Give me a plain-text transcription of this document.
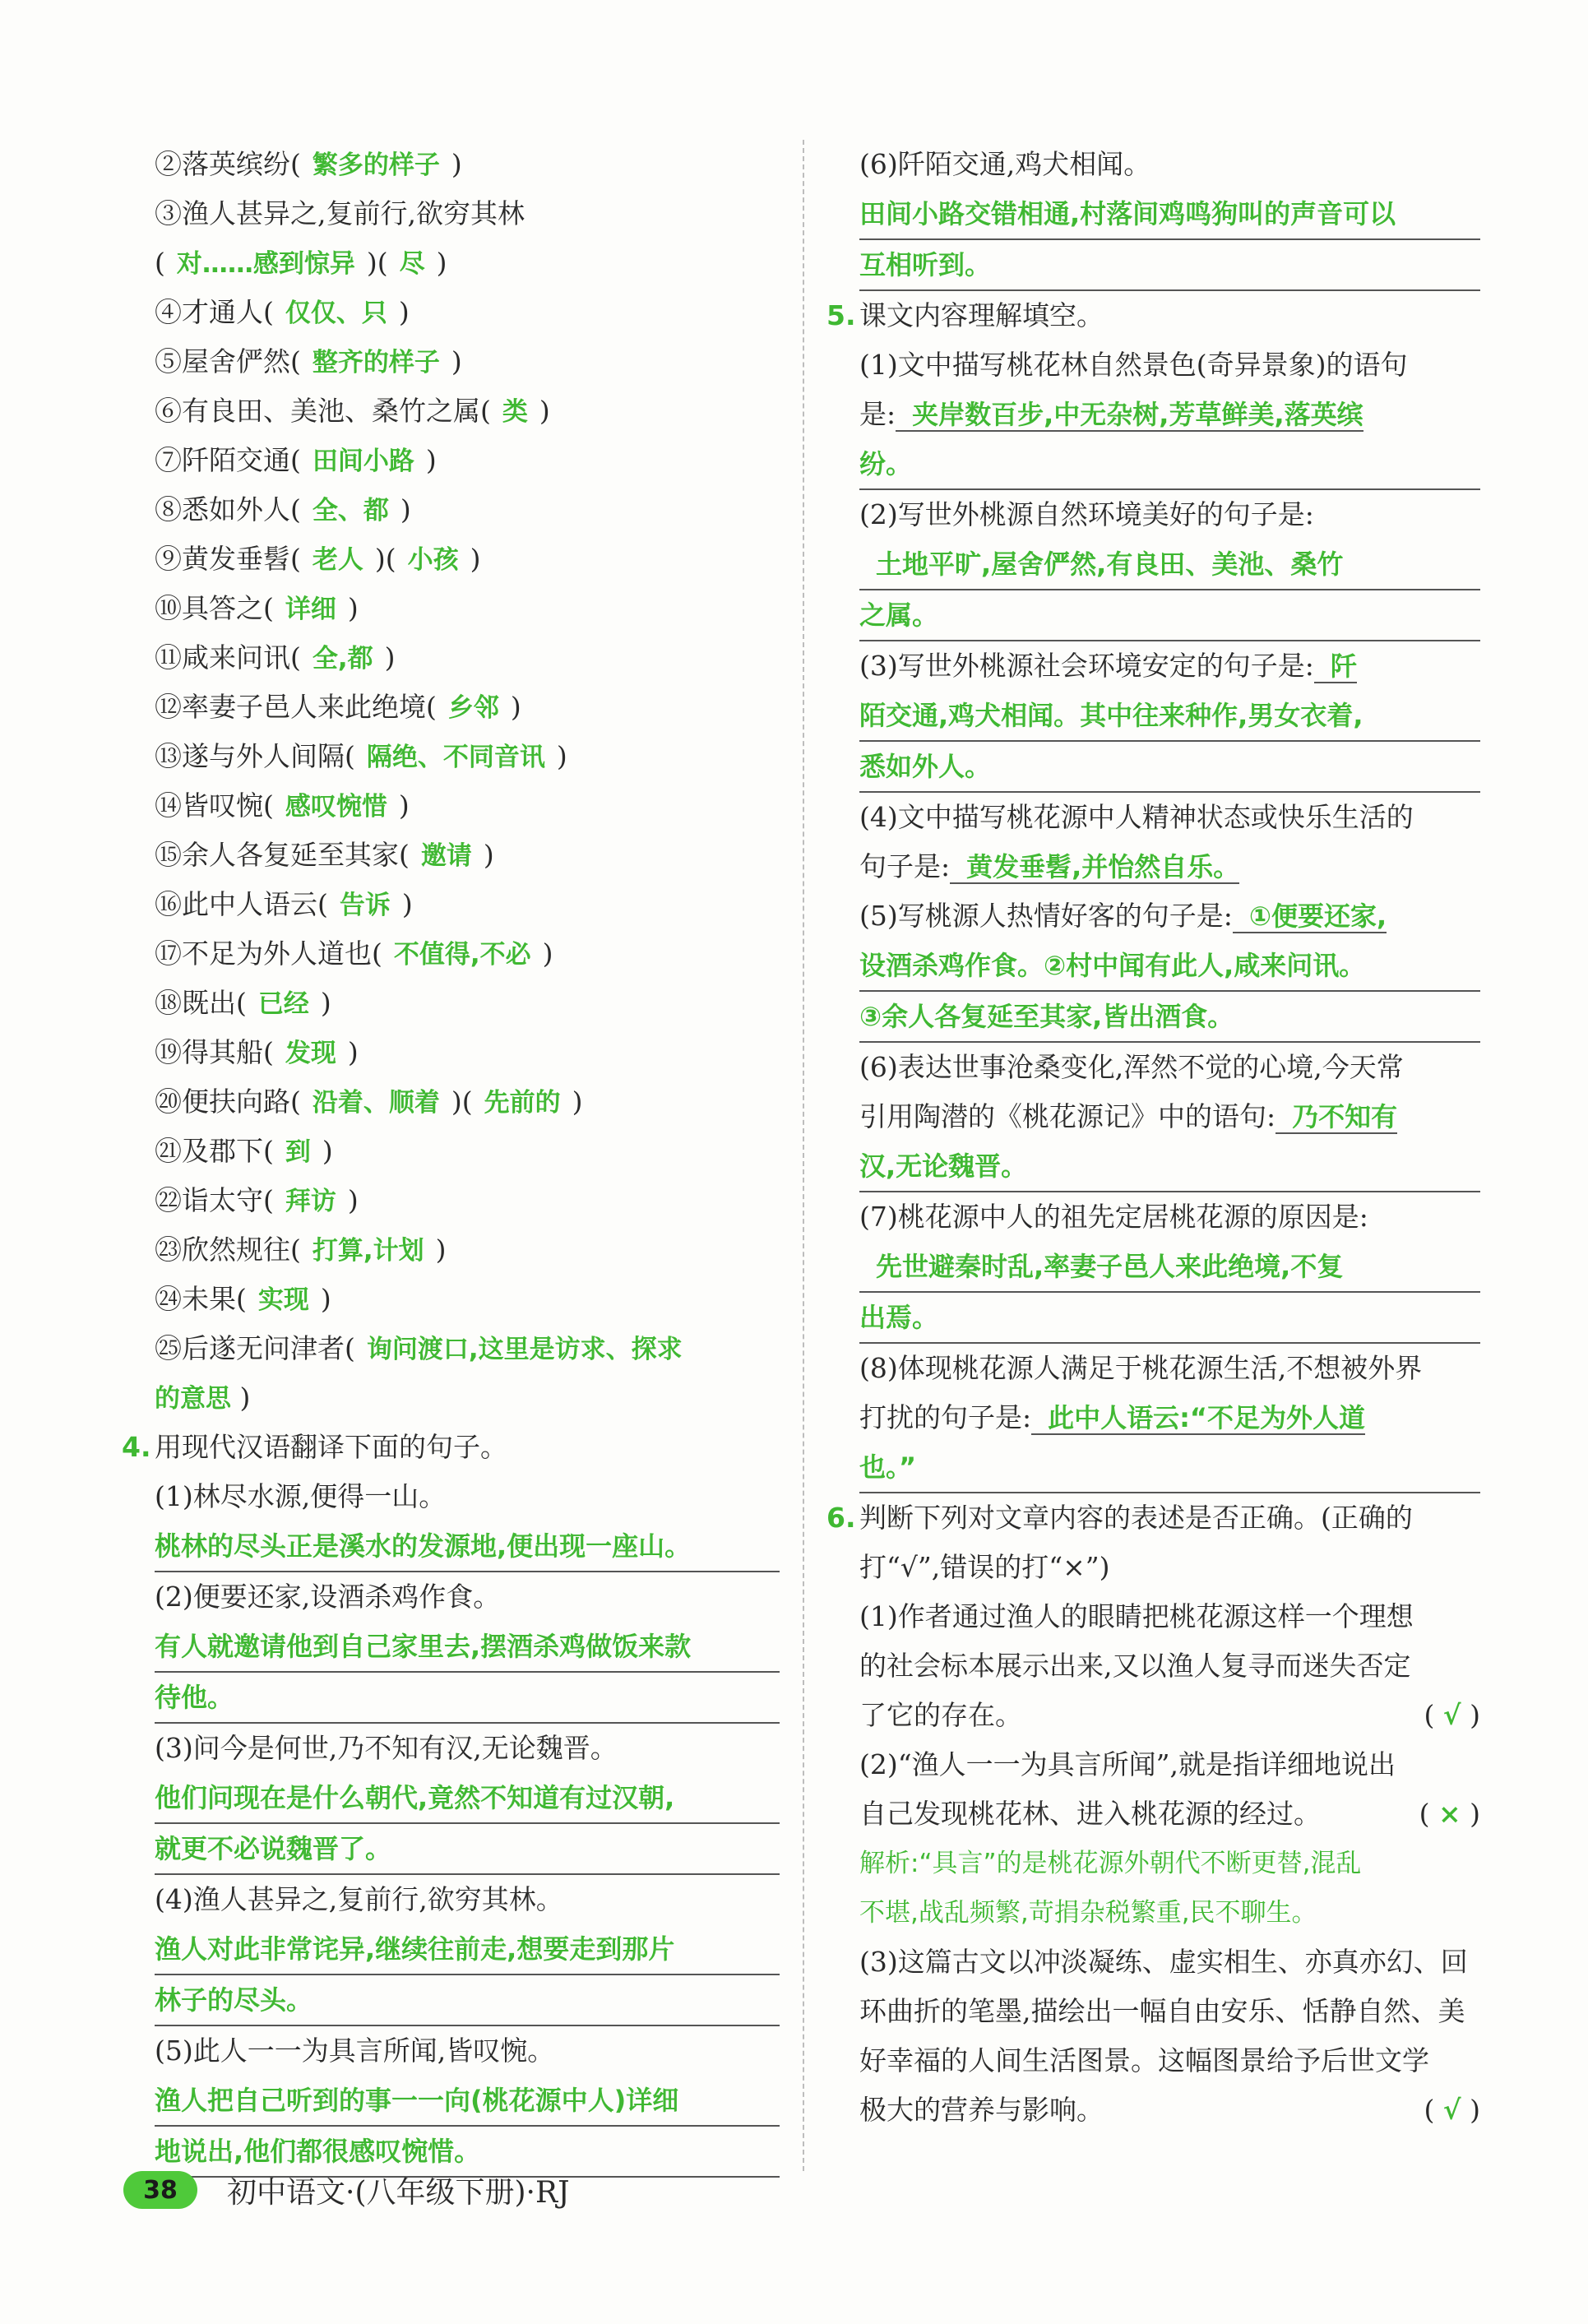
②落英缤纷( 繁多的样子 )
③渔人甚异之,复前行,欲穷其林
( 对……感到惊异 )( 尽 )
④才通人( 仅仅、只 )
⑤屋舍俨然( 整齐的样子 )
⑥有良田、美池、桑竹之属( 类 )
⑦阡陌交通( 田间小路 )
⑧悉如外人( 全、都 )
⑨黄发垂髫( 老人 )( 小孩 )
⑩具答之( 详细 )
⑪咸来问讯( 全,都 )
⑫率妻子邑人来此绝境( 乡邻 )
⑬遂与外人间隔( 隔绝、不同音讯 )
⑭皆叹惋( 感叹惋惜 )
⑮余人各复延至其家( 邀请 )
⑯此中人语云( 告诉 )
⑰不足为外人道也( 不值得,不必 )
⑱既出( 已经 )
⑲得其船( 发现 )
⑳便扶向路( 沿着、顺着 )( 先前的 )
㉑及郡下( 到 )
㉒诣太守( 拜访 )
㉓欣然规往( 打算,计划 )
㉔未果( 实现 )
㉕后遂无问津者( 询问渡口,这里是访求、探求
的意思 )
4. 用现代汉语翻译下面的句子。
(1)林尽水源,便得一山。
桃林的尽头正是溪水的发源地,便出现一座山。
(2)便要还家,设酒杀鸡作食。
有人就邀请他到自己家里去,摆酒杀鸡做饭来款
待他。
(3)问今是何世,乃不知有汉,无论魏晋。
他们问现在是什么朝代,竟然不知道有过汉朝,
就更不必说魏晋了。
(4)渔人甚异之,复前行,欲穷其林。
渔人对此非常诧异,继续往前走,想要走到那片
林子的尽头。
(5)此人一一为具言所闻,皆叹惋。
渔人把自己听到的事一一向(桃花源中人)详细
地说出,他们都很感叹惋惜。
(6)阡陌交通,鸡犬相闻。
田间小路交错相通,村落间鸡鸣狗叫的声音可以
互相听到。
5. 课文内容理解填空。
(1)文中描写桃花林自然景色(奇异景象)的语句
是: 夹岸数百步,中无杂树,芳草鲜美,落英缤
纷。
(2)写世外桃源自然环境美好的句子是:
土地平旷,屋舍俨然,有良田、美池、桑竹
之属。
(3)写世外桃源社会环境安定的句子是: 阡
陌交通,鸡犬相闻。其中往来种作,男女衣着,
悉如外人。
(4)文中描写桃花源中人精神状态或快乐生活的
句子是: 黄发垂髫,并怡然自乐。
(5)写桃源人热情好客的句子是: ①便要还家,
设酒杀鸡作食。②村中闻有此人,咸来问讯。
③余人各复延至其家,皆出酒食。
(6)表达世事沧桑变化,浑然不觉的心境,今天常
引用陶潜的《桃花源记》中的语句: 乃不知有
汉,无论魏晋。
(7)桃花源中人的祖先定居桃花源的原因是:
先世避秦时乱,率妻子邑人来此绝境,不复
出焉。
(8)体现桃花源人满足于桃花源生活,不想被外界
打扰的句子是: 此中人语云:“不足为外人道
也。”
6. 判断下列对文章内容的表述是否正确。(正确的
打“√”,错误的打“×”)
(1)作者通过渔人的眼睛把桃花源这样一个理想
的社会标本展示出来,又以渔人复寻而迷失否定
了它的存在。	( √ )
(2)“渔人一一为具言所闻”,就是指详细地说出
自己发现桃花林、进入桃花源的经过。	( × )
解析:“具言”的是桃花源外朝代不断更替,混乱
不堪,战乱频繁,苛捐杂税繁重,民不聊生。
(3)这篇古文以冲淡凝练、虚实相生、亦真亦幻、回
环曲折的笔墨,描绘出一幅自由安乐、恬静自然、美
好幸福的人间生活图景。这幅图景给予后世文学
极大的营养与影响。	( √ )
38	初中语文·(八年级下册)·RJ
